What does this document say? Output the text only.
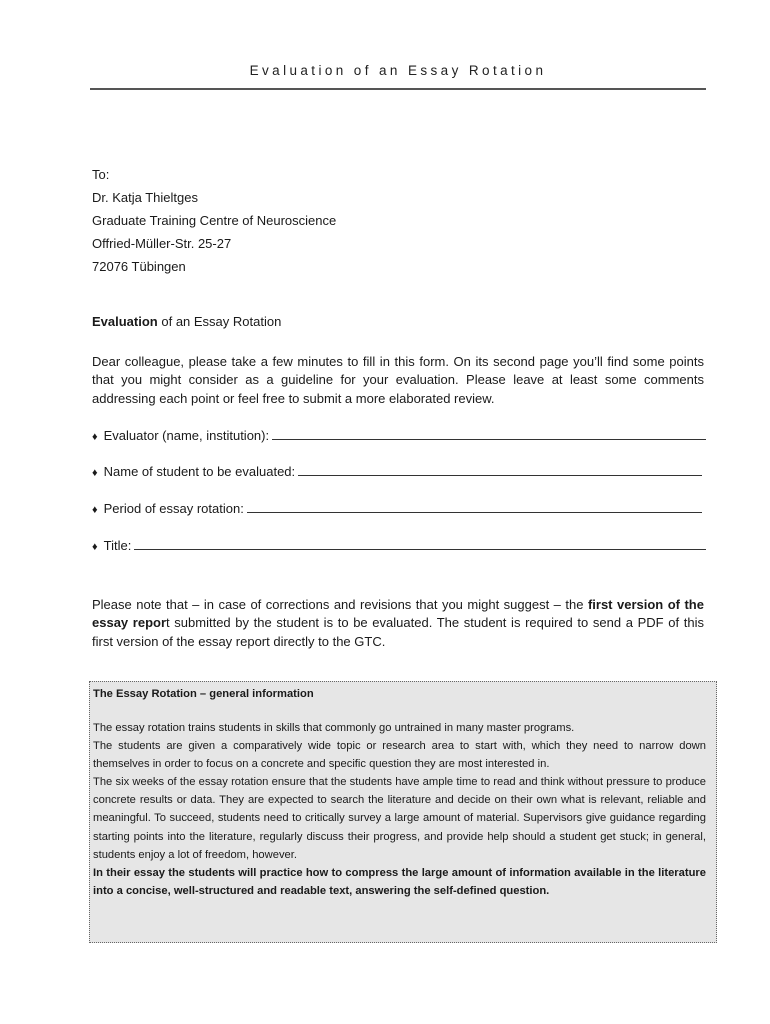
Evaluation of an Essay Rotation
To:
Dr. Katja Thieltges
Graduate Training Centre of Neuroscience
Offried-Müller-Str. 25-27
72076 Tübingen
Evaluation of an Essay Rotation
Dear colleague, please take a few minutes to fill in this form. On its second page you’ll find some points that you might consider as a guideline for your evaluation. Please leave at least some comments addressing each point or feel free to submit a more elaborated review.
♦ Evaluator (name, institution):
♦ Name of student to be evaluated:
♦ Period of essay rotation:
♦ Title:
Please note that – in case of corrections and revisions that you might suggest – the first version of the essay report submitted by the student is to be evaluated. The student is required to send a PDF of this first version of the essay report directly to the GTC.
The Essay Rotation – general information

The essay rotation trains students in skills that commonly go untrained in many master programs.

The students are given a comparatively wide topic or research area to start with, which they need to narrow down themselves in order to focus on a concrete and specific question they are most interested in.

The six weeks of the essay rotation ensure that the students have ample time to read and think without pressure to produce concrete results or data. They are expected to search the literature and decide on their own what is relevant, reliable and meaningful. To succeed, students need to critically survey a large amount of material. Supervisors give guidance regarding starting points into the literature, regularly discuss their progress, and provide help should a student get stuck; in general, students enjoy a lot of freedom, however.

In their essay the students will practice how to compress the large amount of information available in the literature into a concise, well-structured and readable text, answering the self-defined question.
